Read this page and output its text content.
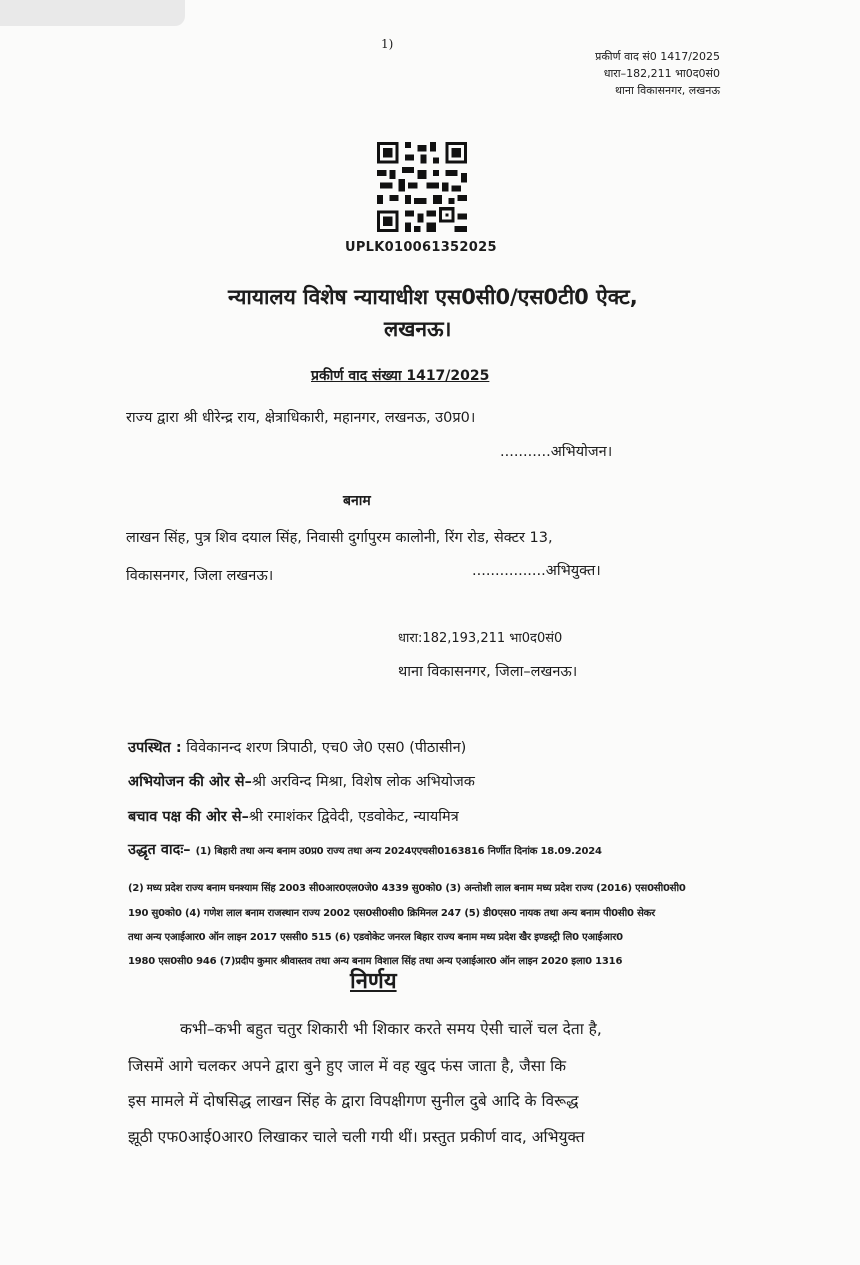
1)
प्रकीर्ण वाद सं0 1417/2025
धारा–182,211 भा0द0सं0
थाना विकासनगर, लखनऊ
UPLK010061352025
न्यायालय विशेष न्यायाधीश एस0सी0/एस0टी0 ऐक्ट,
लखनऊ।
प्रकीर्ण वाद संख्या 1417/2025
राज्य द्वारा श्री धीरेन्द्र राय, क्षेत्राधिकारी, महानगर, लखनऊ, उ0प्र0।
...........अभियोजन।
बनाम
लाखन सिंह, पुत्र शिव दयाल सिंह, निवासी दुर्गापुरम कालोनी, रिंग रोड, सेक्टर 13,
विकासनगर, जिला लखनऊ।	................अभियुक्त।
धारा:182,193,211 भा0द0सं0
थाना विकासनगर, जिला–लखनऊ।
उपस्थित : विवेकानन्द शरण त्रिपाठी, एच0 जे0 एस0 (पीठासीन)
अभियोजन की ओर से–श्री अरविन्द मिश्रा, विशेष लोक अभियोजक
बचाव पक्ष की ओर से–श्री रमाशंकर द्विवेदी, एडवोकेट, न्यायमित्र
उद्धृत वादः– (1) बिहारी तथा अन्य बनाम उ0प्र0 राज्य तथा अन्य 2024एएचसी0163816 निर्णीत दिनांक 18.09.2024
(2) मध्य प्रदेश राज्य बनाम घनश्याम सिंह 2003 सी0आर0एल0जे0 4339 सु0को0 (3) अन्तोशी लाल बनाम मध्य प्रदेश राज्य (2016) एस0सी0सी0
190 सु0को0 (4) गणेश लाल बनाम राजस्थान राज्य 2002 एस0सी0सी0 क्रिमिनल 247 (5) डी0एस0 नायक तथा अन्य बनाम पी0सी0 सेकर
तथा अन्य एआईआर0 ऑन लाइन 2017 एससी0 515 (6) एडवोकेट जनरल बिहार राज्य बनाम मध्य प्रदेश खैर इण्डस्ट्री लि0 एआईआर0
1980 एस0सी0 946 (7)प्रदीप कुमार श्रीवास्तव तथा अन्य बनाम विशाल सिंह तथा अन्य एआईआर0 ऑन लाइन 2020 इला0 1316
निर्णय
कभी–कभी बहुत चतुर शिकारी भी शिकार करते समय ऐसी चालें चल देता है,
जिसमें आगे चलकर अपने द्वारा बुने हुए जाल में वह खुद फंस जाता है, जैसा कि
इस मामले में दोषसिद्ध लाखन सिंह के द्वारा विपक्षीगण सुनील दुबे आदि के विरूद्ध
झूठी एफ0आई0आर0 लिखाकर चाले चली गयी थीं। प्रस्तुत प्रकीर्ण वाद, अभियुक्त
